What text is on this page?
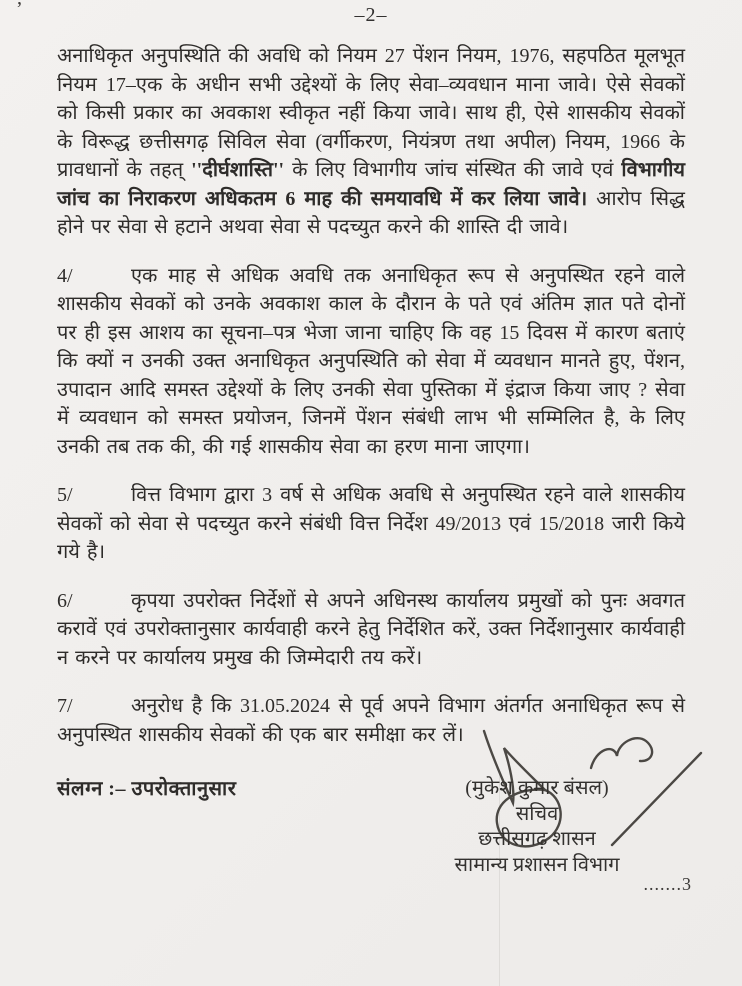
’	–2–
अनाधिकृत अनुपस्थिति की अवधि को नियम 27 पेंशन नियम, 1976, सहपठित मूलभूत नियम 17–एक के अधीन सभी उद्देश्यों के लिए सेवा–व्यवधान माना जावे। ऐसे सेवकों को किसी प्रकार का अवकाश स्वीकृत नहीं किया जावे। साथ ही, ऐसे शासकीय सेवकों के विरूद्ध छत्तीसगढ़ सिविल सेवा (वर्गीकरण, नियंत्रण तथा अपील) नियम, 1966 के प्रावधानों के तहत् ''दीर्घशास्ति'' के लिए विभागीय जांच संस्थित की जावे एवं विभागीय जांच का निराकरण अधिकतम 6 माह की समयावधि में कर लिया जावे। आरोप सिद्ध होने पर सेवा से हटाने अथवा सेवा से पदच्युत करने की शास्ति दी जावे।
4/	एक माह से अधिक अवधि तक अनाधिकृत रूप से अनुपस्थित रहने वाले शासकीय सेवकों को उनके अवकाश काल के दौरान के पते एवं अंतिम ज्ञात पते दोनों पर ही इस आशय का सूचना–पत्र भेजा जाना चाहिए कि वह 15 दिवस में कारण बताएं कि क्यों न उनकी उक्त अनाधिकृत अनुपस्थिति को सेवा में व्यवधान मानते हुए, पेंशन, उपादान आदि समस्त उद्देश्यों के लिए उनकी सेवा पुस्तिका में इंद्राज किया जाए ? सेवा में व्यवधान को समस्त प्रयोजन, जिनमें पेंशन संबंधी लाभ भी सम्मिलित है, के लिए उनकी तब तक की, की गई शासकीय सेवा का हरण माना जाएगा।
5/	वित्त विभाग द्वारा 3 वर्ष से अधिक अवधि से अनुपस्थित रहने वाले शासकीय सेवकों को सेवा से पदच्युत करने संबंधी वित्त निर्देश 49/2013 एवं 15/2018 जारी किये गये है।
6/	कृपया उपरोक्त निर्देशों से अपने अधिनस्थ कार्यालय प्रमुखों को पुनः अवगत करावें एवं उपरोक्तानुसार कार्यवाही करने हेतु निर्देशित करें, उक्त निर्देशानुसार कार्यवाही न करने पर कार्यालय प्रमुख की जिम्मेदारी तय करें।
7/	अनुरोध है कि 31.05.2024 से पूर्व अपने विभाग अंतर्गत अनाधिकृत रूप से अनुपस्थित शासकीय सेवकों की एक बार समीक्षा कर लें।
संलग्न :– उपरोक्तानुसार	(मुकेश कुमार बंसल)
सचिव
छत्तीसगढ़ शासन
सामान्य प्रशासन विभाग
.......3
